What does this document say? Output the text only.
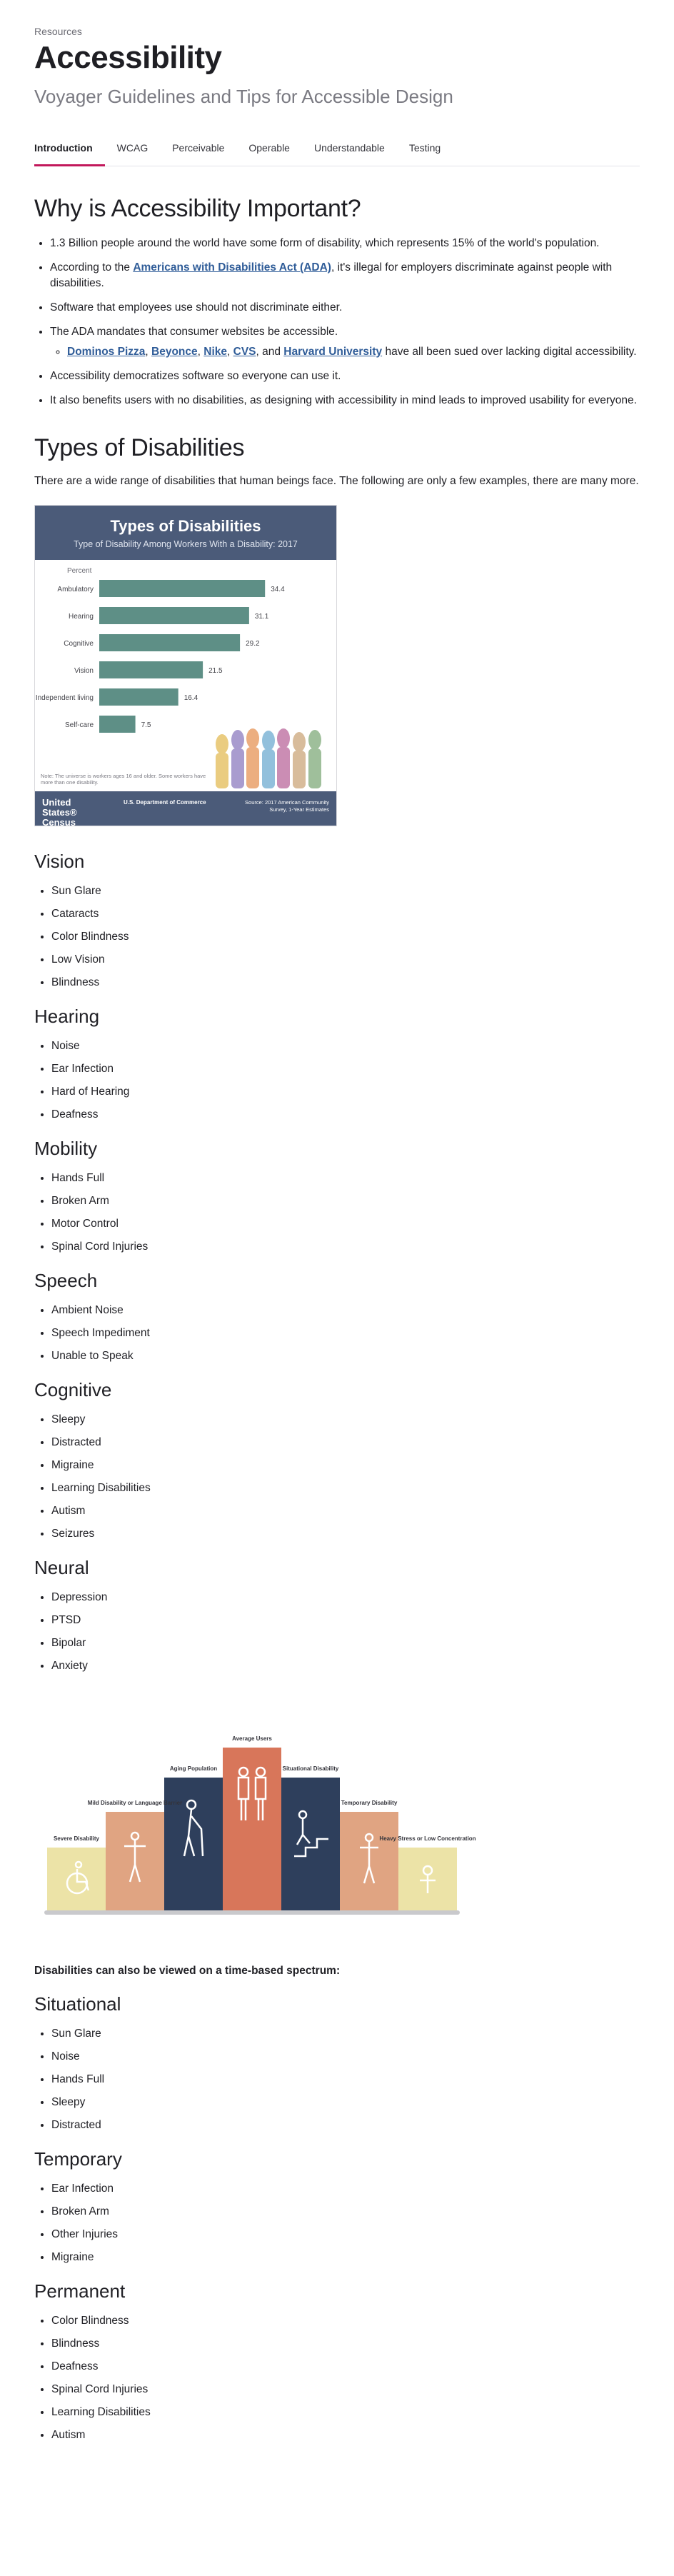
Resources
Accessibility
Voyager Guidelines and Tips for Accessible Design
Introduction	WCAG	Perceivable	Operable	Understandable	Testing
Why is Accessibility Important?
• 1.3 Billion people around the world have some form of disability, which represents 15% of the world's population.
• According to the Americans with Disabilities Act (ADA), it's illegal for employers discriminate against people with disabilities.
• Software that employees use should not discriminate either.
• The ADA mandates that consumer websites be accessible.
◦ Dominos Pizza, Beyonce, Nike, CVS, and Harvard University have all been sued over lacking digital accessibility.
• Accessibility democratizes software so everyone can use it.
• It also benefits users with no disabilities, as designing with accessibility in mind leads to improved usability for everyone.
Types of Disabilities

There are a wide range of disabilities that human beings face. The following are only a few examples, there are many more.

Types of Disabilities
Type of Disability Among Workers With a Disability: 2017
Percent
Ambulatory	34.4
Hearing	31.1
Cognitive	29.2
Vision	21.5
Independent living	16.4
Self-care	7.5
Note: The universe is workers ages 16 and older. Some workers have more than one disability.
United States® Census Bureau
U.S. Department of Commerce	Source: 2017 American Community Survey, 1-Year Estimates
Vision
• Sun Glare
• Cataracts
• Color Blindness
• Low Vision
• Blindness
Hearing
• Noise
• Ear Infection
• Hard of Hearing
• Deafness
Mobility
• Hands Full
• Broken Arm
• Motor Control
• Spinal Cord Injuries
Speech
• Ambient Noise
• Speech Impediment
• Unable to Speak
Cognitive
• Sleepy
• Distracted
• Migraine
• Learning Disabilities
• Autism
• Seizures
Neural
• Depression
• PTSD
• Bipolar
• Anxiety
Severe Disability
Mild Disability or Language Barrier
Aging Population
Average Users
Situational Disability
Temporary Disability
Heavy Stress or Low Concentration
Disabilities can also be viewed on a time-based spectrum:
Situational
• Sun Glare
• Noise
• Hands Full
• Sleepy
• Distracted
Temporary
• Ear Infection
• Broken Arm
• Other Injuries
• Migraine
Permanent
• Color Blindness
• Blindness
• Deafness
• Spinal Cord Injuries
• Learning Disabilities
• Autism
